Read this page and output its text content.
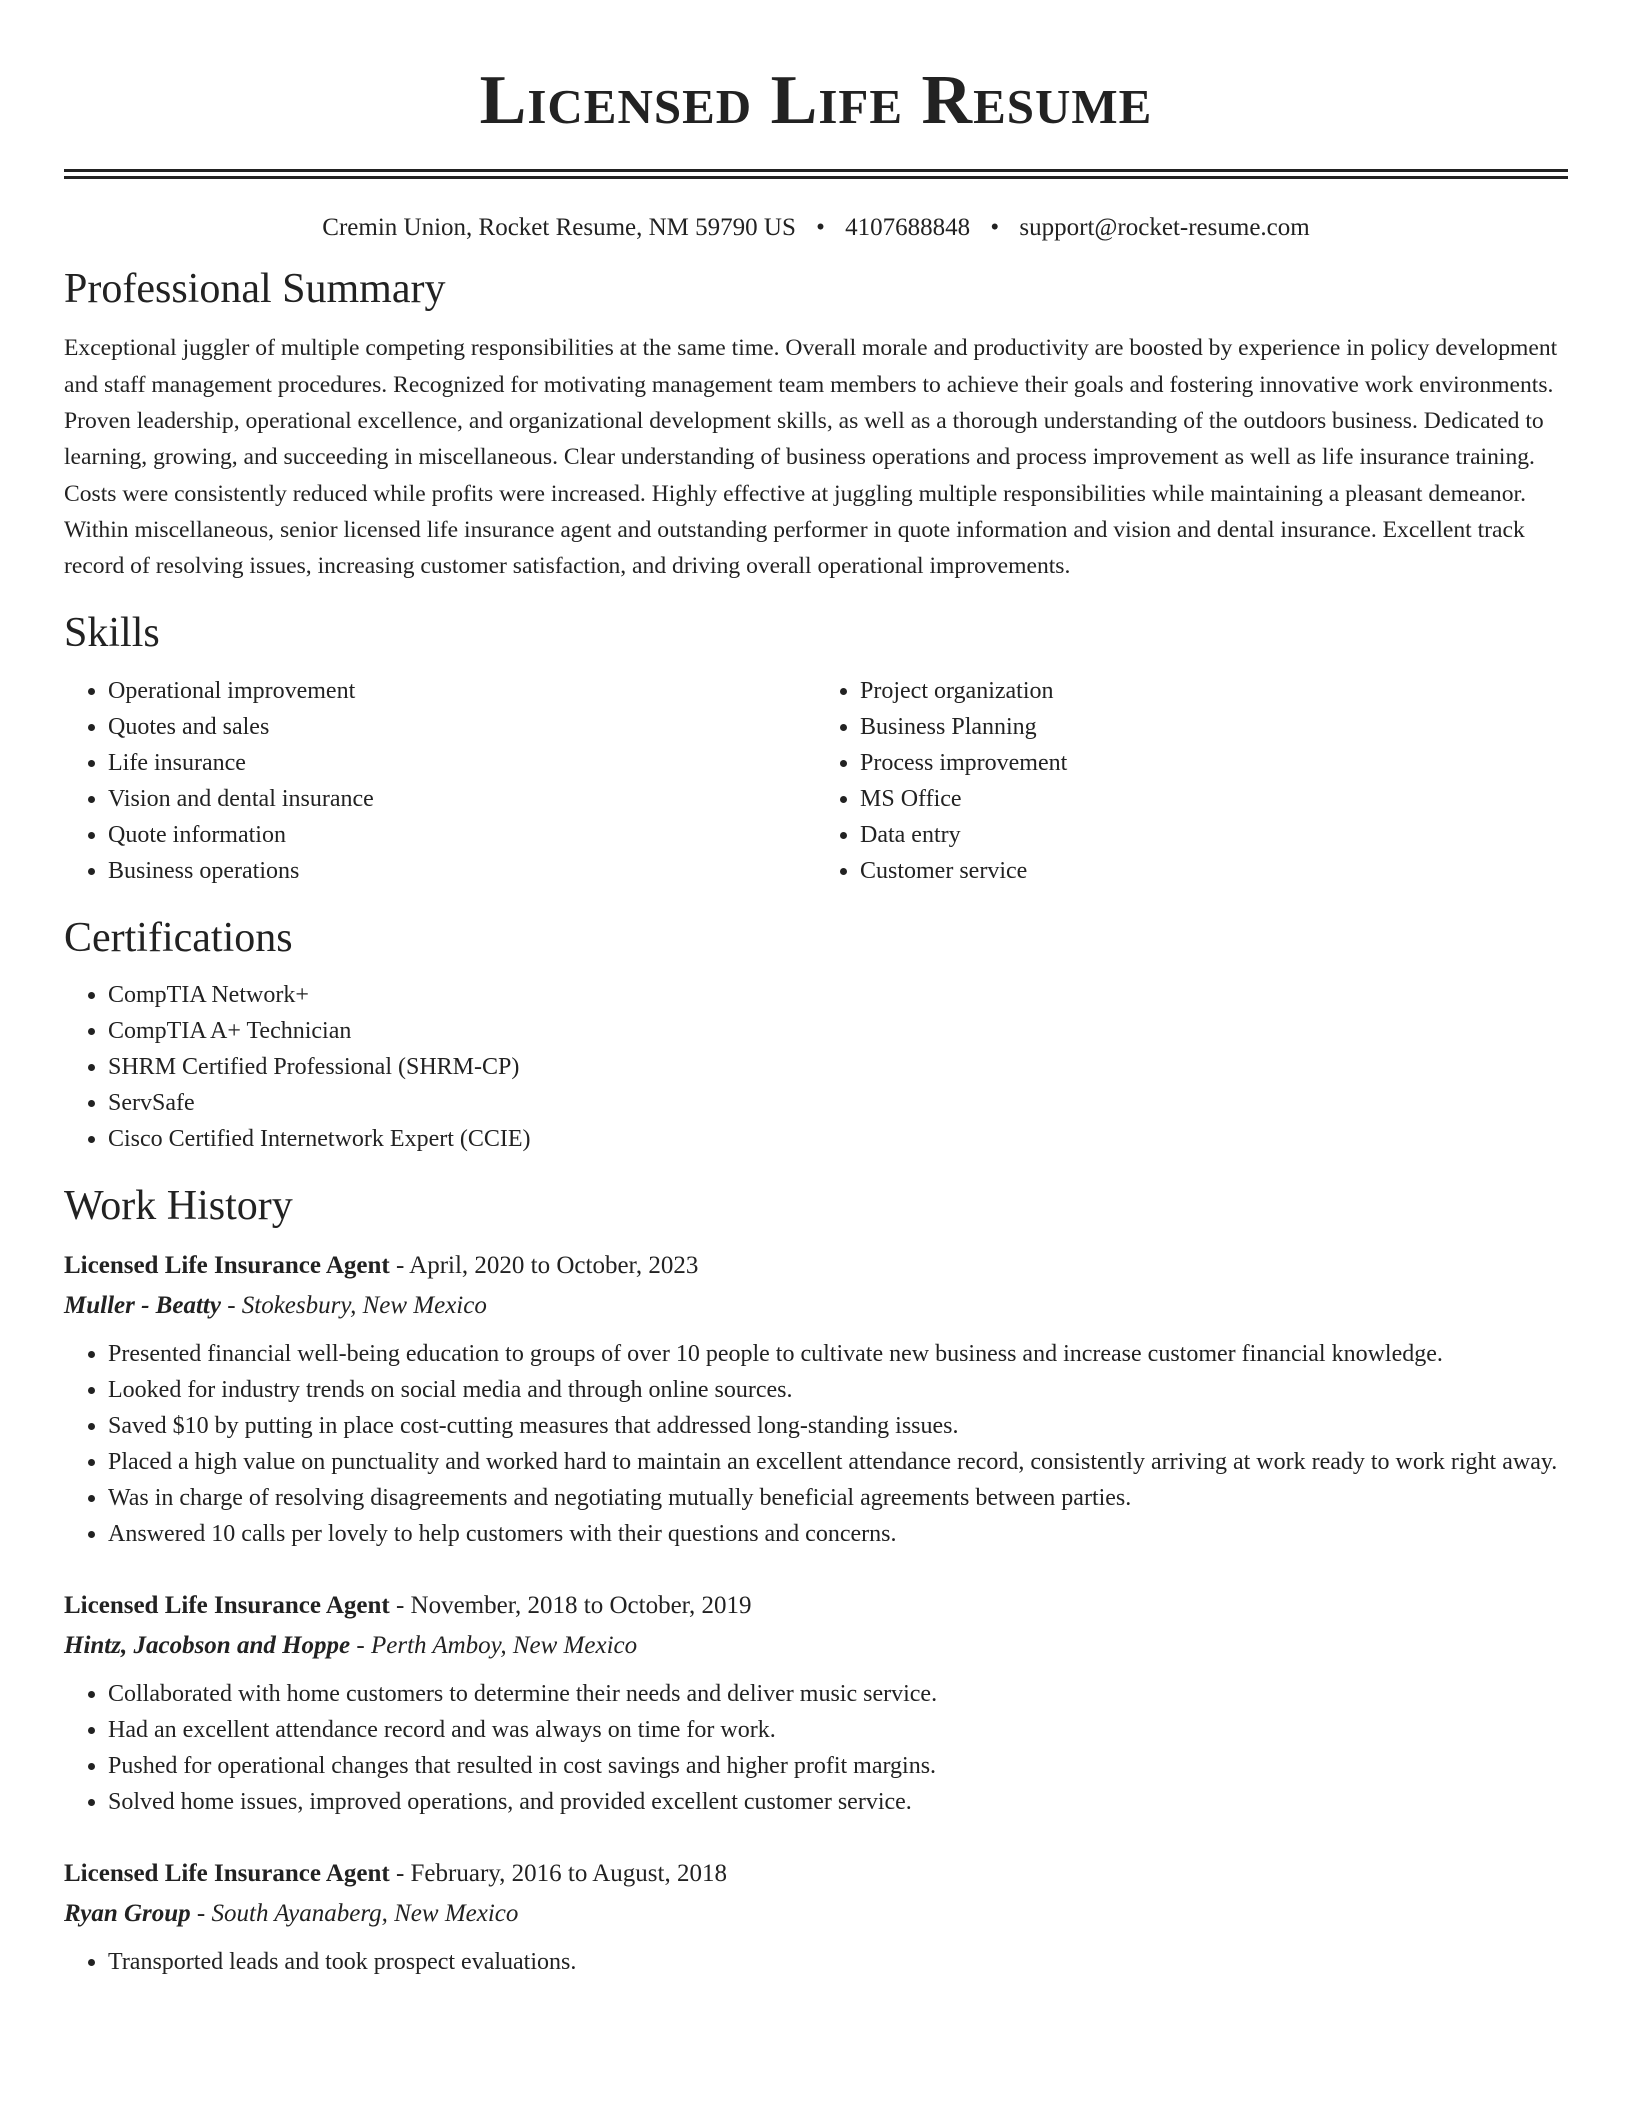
Licensed Life Resume
Cremin Union, Rocket Resume, NM 59790 US • 4107688848 • support@rocket-resume.com
Professional Summary

Exceptional juggler of multiple competing responsibilities at the same time. Overall morale and productivity are boosted by experience in policy development and staff management procedures. Recognized for motivating management team members to achieve their goals and fostering innovative work environments. Proven leadership, operational excellence, and organizational development skills, as well as a thorough understanding of the outdoors business. Dedicated to learning, growing, and succeeding in miscellaneous. Clear understanding of business operations and process improvement as well as life insurance training. Costs were consistently reduced while profits were increased. Highly effective at juggling multiple responsibilities while maintaining a pleasant demeanor. Within miscellaneous, senior licensed life insurance agent and outstanding performer in quote information and vision and dental insurance. Excellent track record of resolving issues, increasing customer satisfaction, and driving overall operational improvements.

Skills
• Operational improvement
• Quotes and sales
• Life insurance
• Vision and dental insurance
• Quote information
• Business operations
• Project organization
• Business Planning
• Process improvement
• MS Office
• Data entry
• Customer service
Certifications
• CompTIA Network+
• CompTIA A+ Technician
• SHRM Certified Professional (SHRM-CP)
• ServSafe
• Cisco Certified Internetwork Expert (CCIE)
Work History
Licensed Life Insurance Agent - April, 2020 to October, 2023
Muller - Beatty - Stokesbury, New Mexico
• Presented financial well-being education to groups of over 10 people to cultivate new business and increase customer financial knowledge.
• Looked for industry trends on social media and through online sources.
• Saved $10 by putting in place cost-cutting measures that addressed long-standing issues.
• Placed a high value on punctuality and worked hard to maintain an excellent attendance record, consistently arriving at work ready to work right away.
• Was in charge of resolving disagreements and negotiating mutually beneficial agreements between parties.
• Answered 10 calls per lovely to help customers with their questions and concerns.
Licensed Life Insurance Agent - November, 2018 to October, 2019
Hintz, Jacobson and Hoppe - Perth Amboy, New Mexico
• Collaborated with home customers to determine their needs and deliver music service.
• Had an excellent attendance record and was always on time for work.
• Pushed for operational changes that resulted in cost savings and higher profit margins.
• Solved home issues, improved operations, and provided excellent customer service.
Licensed Life Insurance Agent - February, 2016 to August, 2018
Ryan Group - South Ayanaberg, New Mexico
• Transported leads and took prospect evaluations.
